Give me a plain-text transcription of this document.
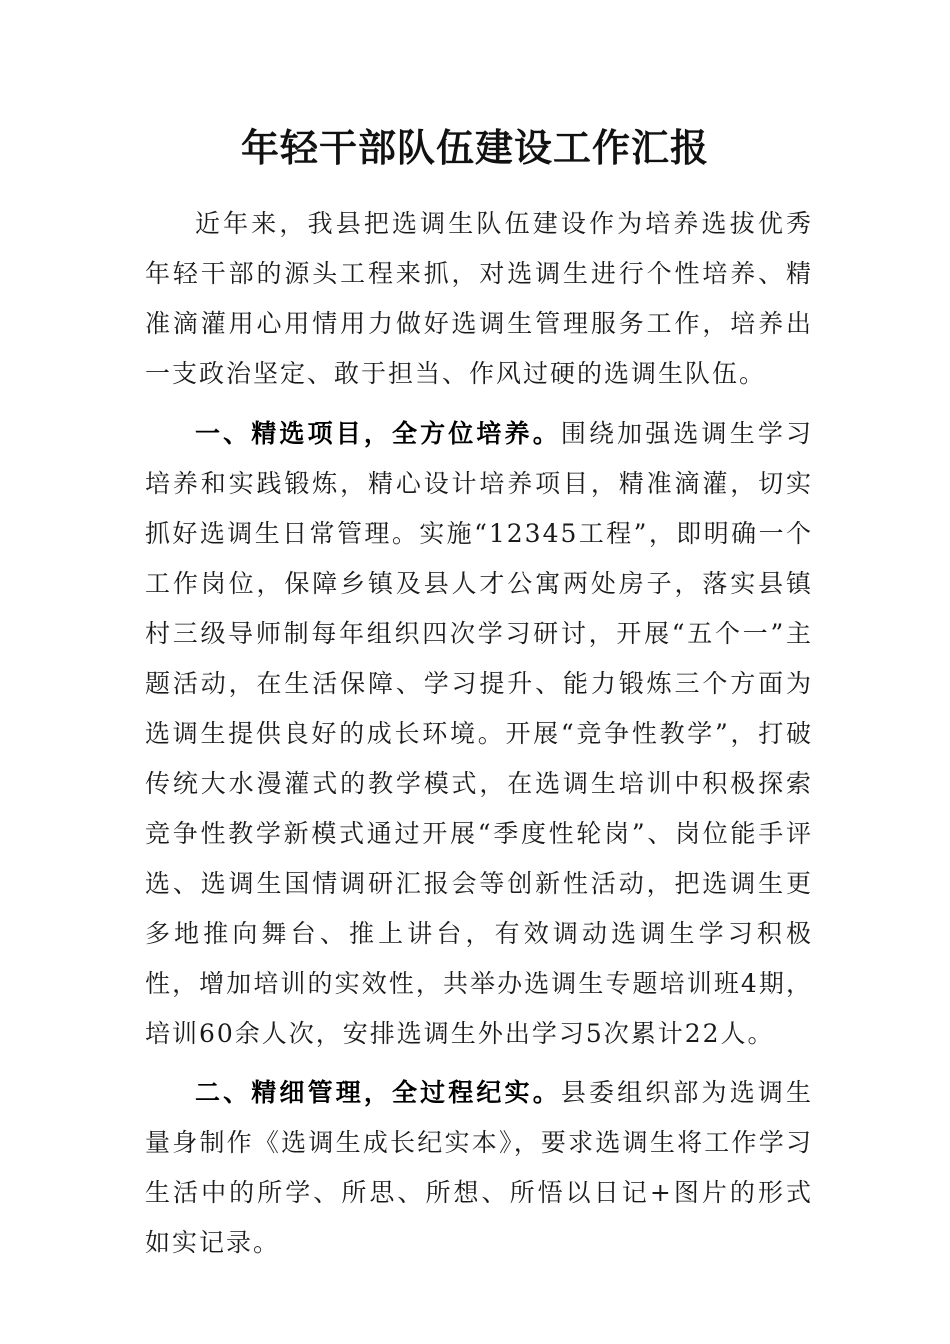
年轻干部队伍建设工作汇报

近年来，我县把选调生队伍建设作为培养选拔优秀年轻干部的源头工程来抓，对选调生进行个性培养、精准滴灌用心用情用力做好选调生管理服务工作，培养出一支政治坚定、敢于担当、作风过硬的选调生队伍。

一、精选项目，全方位培养。围绕加强选调生学习培养和实践锻炼，精心设计培养项目，精准滴灌，切实抓好选调生日常管理。实施“12345工程”，即明确一个工作岗位，保障乡镇及县人才公寓两处房子，落实县镇村三级导师制每年组织四次学习研讨，开展“五个一”主题活动，在生活保障、学习提升、能力锻炼三个方面为选调生提供良好的成长环境。开展“竞争性教学”，打破传统大水漫灌式的教学模式，在选调生培训中积极探索竞争性教学新模式通过开展“季度性轮岗”、岗位能手评选、选调生国情调研汇报会等创新性活动，把选调生更多地推向舞台、推上讲台，有效调动选调生学习积极性，增加培训的实效性，共举办选调生专题培训班4期，培训60余人次，安排选调生外出学习5次累计22人。

二、精细管理，全过程纪实。县委组织部为选调生量身制作《选调生成长纪实本》，要求选调生将工作学习生活中的所学、所思、所想、所悟以日记+图片的形式如实记录。
